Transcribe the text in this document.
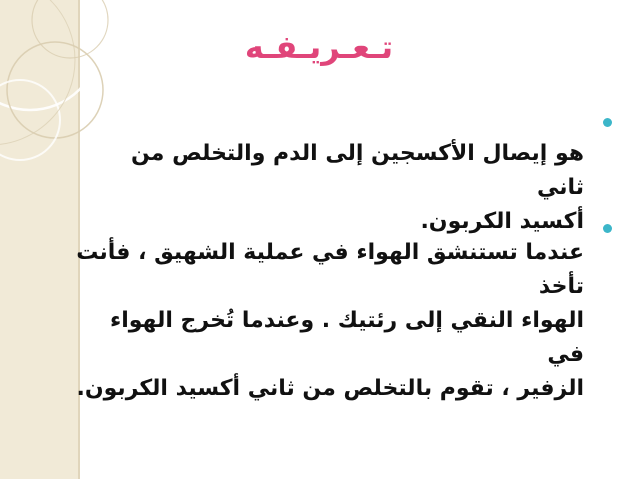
تـعـريـفـه
هو إيصال الأكسجين إلى الدم والتخلص من ثاني
أكسيد الكربون.
عندما تستنشق الهواء في عملية الشهيق ، فأنت تأخذ
الهواء النقي إلى رئتيك . وعندما تُخرج الهواء في
الزفير ، تقوم بالتخلص من ثاني أكسيد الكربون.
